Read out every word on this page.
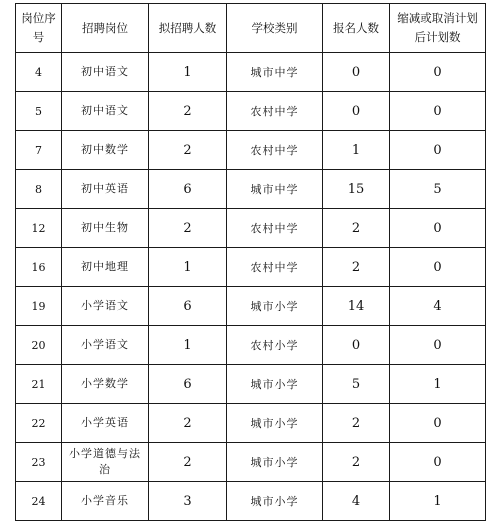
岗位序号	招聘岗位	拟招聘人数	学校类别	报名人数	缩减或取消计划后计划数
4	初中语文	1	城市中学	0	0
5	初中语文	2	农村中学	0	0
7	初中数学	2	农村中学	1	0
8	初中英语	6	城市中学	15	5
12	初中生物	2	农村中学	2	0
16	初中地理	1	农村中学	2	0
19	小学语文	6	城市小学	14	4
20	小学语文	1	农村小学	0	0
21	小学数学	6	城市小学	5	1
22	小学英语	2	城市小学	2	0
23	小学道德与法治	2	城市小学	2	0
24	小学音乐	3	城市小学	4	1
